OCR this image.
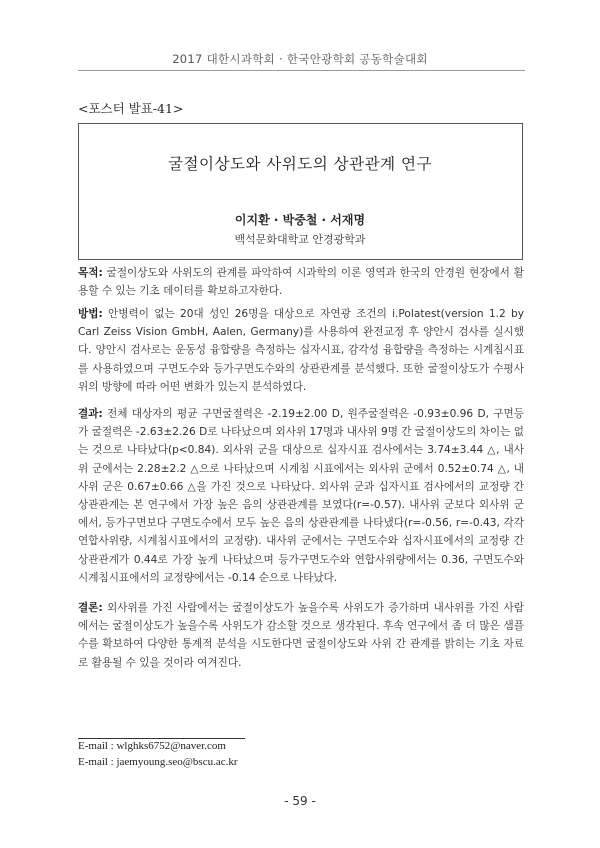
2017 대한시과학회 · 한국안광학회 공동학술대회
<포스터 발표-41>
굴절이상도와 사위도의 상관관계 연구
이지환 · 박중철 · 서재명
백석문화대학교 안경광학과
목적: 굴절이상도와 사위도의 관계를 파악하여 시과학의 이론 영역과 한국의 안경원 현장에서 활용할 수 있는 기초 데이터를 확보하고자한다.
방법: 안병력이 없는 20대 성인 26명을 대상으로 자연광 조건의 i.Polatest(version 1.2 by Carl Zeiss Vision GmbH, Aalen, Germany)를 사용하여 완전교정 후 양안시 검사를 실시했다. 양안시 검사로는 운동성 융합량을 측정하는 십자시표, 감각성 융합량을 측정하는 시계침시표를 사용하였으며 구면도수와 등가구면도수와의 상관관계를 분석했다. 또한 굴절이상도가 수평사위의 방향에 따라 어떤 변화가 있는지 분석하였다.
결과: 전체 대상자의 평균 구면굴절력은 -2.19±2.00 D, 원주굴절력은 -0.93±0.96 D, 구면등가 굴절력은 -2.63±2.26 D로 나타났으며 외사위 17명과 내사위 9명 간 굴절이상도의 차이는 없는 것으로 나타났다(p<0.84). 외사위 군을 대상으로 십자시표 검사에서는 3.74±3.44 △, 내사위 군에서는 2.28±2.2 △으로 나타났으며 시계침 시표에서는 외사위 군에서 0.52±0.74 △, 내사위 군은 0.67±0.66 △을 가진 것으로 나타났다. 외사위 군과 십자시표 검사에서의 교정량 간 상관관계는 본 연구에서 가장 높은 음의 상관관계를 보였다(r=-0.57). 내사위 군보다 외사위 군에서, 등가구면보다 구면도수에서 모두 높은 음의 상관관계를 나타냈다(r=-0.56, r=-0.43, 각각 연합사위량, 시계침시표에서의 교정량). 내사위 군에서는 구면도수와 십자시표에서의 교정량 간 상관관계가 0.44로 가장 높게 나타났으며 등가구면도수와 연합사위량에서는 0.36, 구면도수와 시계침시표에서의 교정량에서는 -0.14 순으로 나타났다.
결론: 외사위를 가진 사람에서는 굴절이상도가 높을수록 사위도가 증가하며 내사위를 가진 사람에서는 굴절이상도가 높을수록 사위도가 감소할 것으로 생각된다. 후속 연구에서 좀 더 많은 샘플수를 확보하여 다양한 통계적 분석을 시도한다면 굴절이상도와 사위 간 관계를 밝히는 기초 자료로 활용될 수 있을 것이라 여겨진다.
E-mail : wlghks6752@naver.com
E-mail : jaemyoung.seo@bscu.ac.kr
- 59 -
